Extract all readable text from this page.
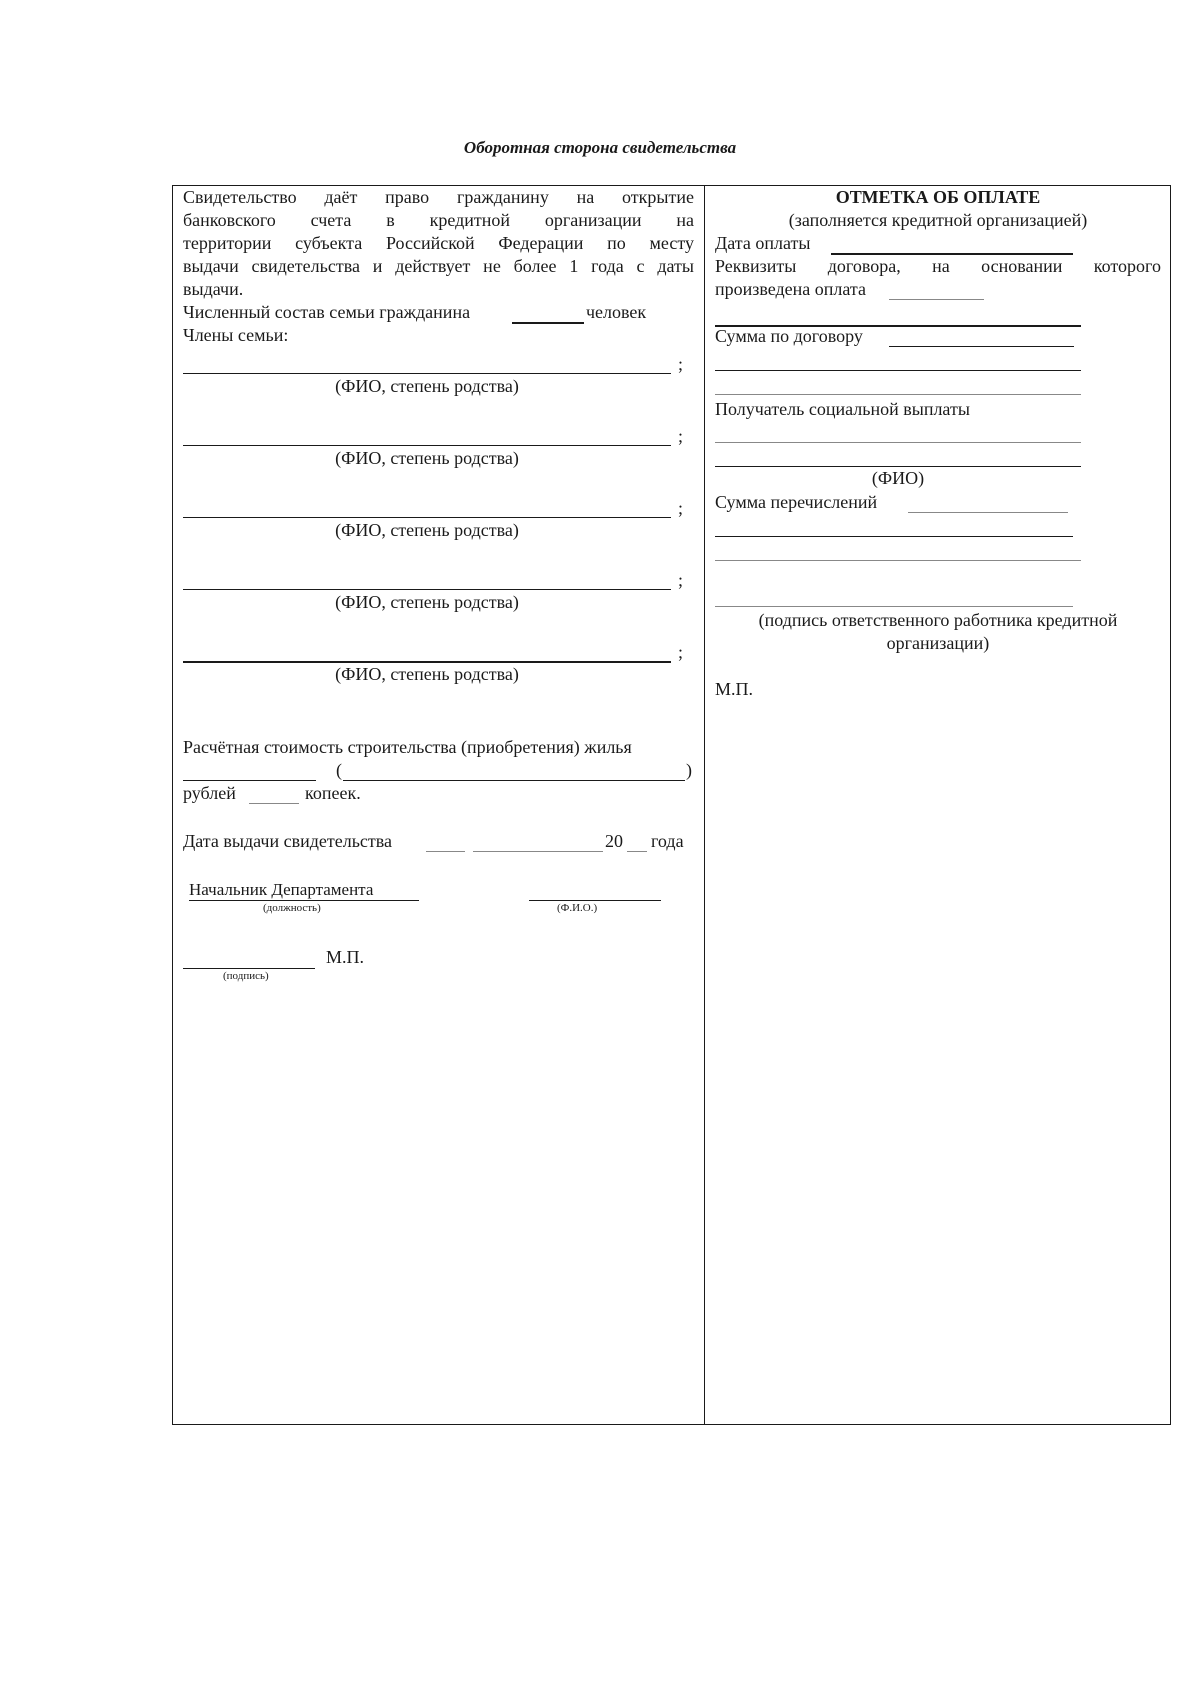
Оборотная сторона свидетельства
Свидетельство даёт право гражданину на открытие
банковского счета в кредитной организации на
территории субъекта Российской Федерации по месту
выдачи свидетельства и действует не более 1 года с даты
выдачи.
Численный состав семьи гражданина	человек
Члены семьи:
;
(ФИО, степень родства)
;
(ФИО, степень родства)
;
(ФИО, степень родства)
;
(ФИО, степень родства)
;
(ФИО, степень родства)
Расчётная стоимость строительства (приобретения) жилья
(	)
рублей	копеек.
Дата выдачи свидетельства	20 года
Начальник Департамента
(должность)	(Ф.И.О.)
М.П.
(подпись)
ОТМЕТКА ОБ ОПЛАТЕ
(заполняется кредитной организацией)
Дата оплаты
Реквизиты договора, на основании которого
произведена оплата
Сумма по договору
Получатель социальной выплаты
(ФИО)
Сумма перечислений
(подпись ответственного работника кредитной
организации)
М.П.
